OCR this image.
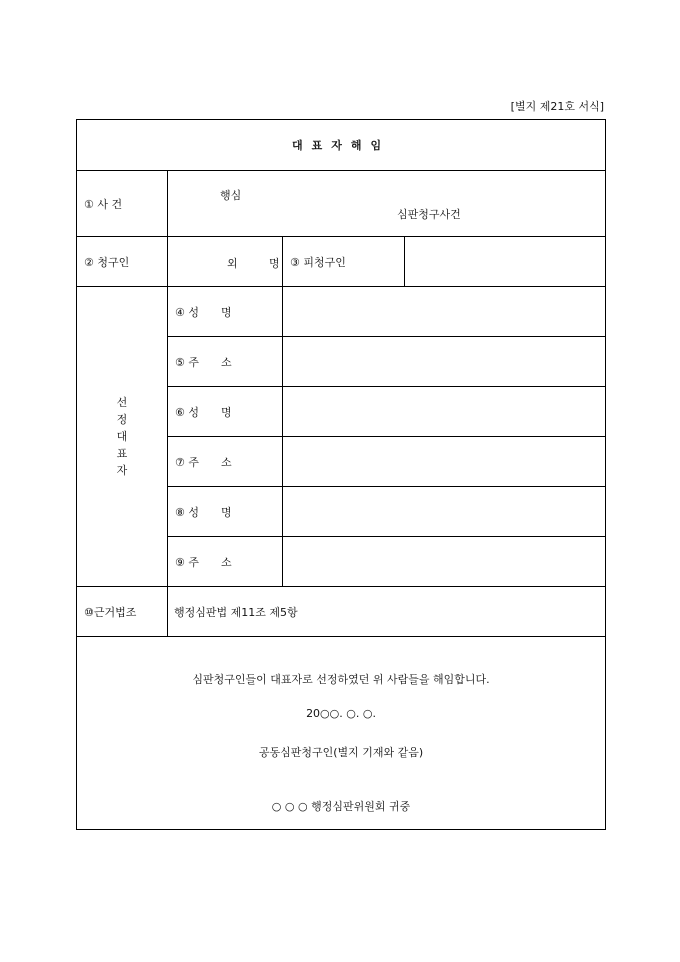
[별지 제21호 서식]
대표자해임			
① 사 건	행심
심판청구사건		

② 청구인	외 명	③ 피청구인	

선
정
대
표
자	④ 성 명		
	⑤ 주 소		
	⑥ 성 명		
	⑦ 주 소		
	⑧ 성 명		
	⑨ 주 소		
⑩근거법조	행정심판법 제11조 제5항		

심판청구인들이 대표자로 선정하였던 위 사람들을 해임합니다.
20○○. ○. ○.
공동심판청구인(별지 기재와 같음)
○ ○ ○ 행정심판위원회 귀중			
